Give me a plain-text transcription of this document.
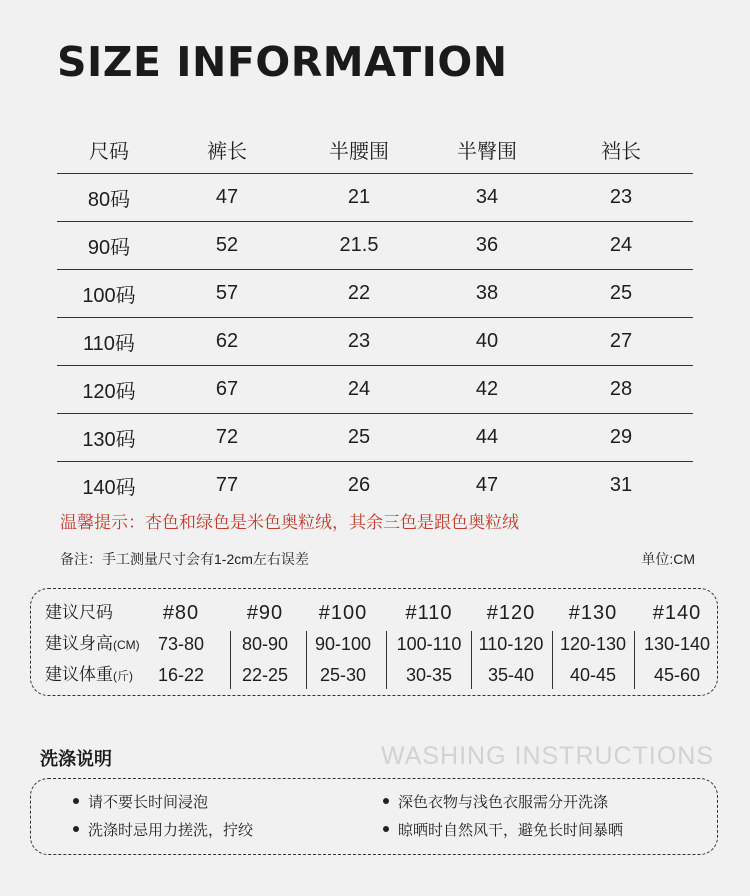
SIZE INFORMATION
尺码	裤长	半腰围	半臀围	裆长
80码	47	21	34	23
90码	52	21.5	36	24
100码	57	22	38	25
110码	62	23	40	27
120码	67	24	42	28
130码	72	25	44	29
140码	77	26	47	31
温馨提示：杏色和绿色是米色奥粒绒，其余三色是跟色奥粒绒
备注：手工测量尺寸会有1-2cm左右误差	单位:CM
建议尺码	#80	#90	#100	#110	#120	#130	#140
建议身高(CM)	73-80	80-90	90-100	100-110 110-120 120-130 130-140
建议体重(斤)	16-22	22-25	25-30	30-35	35-40	40-45	45-60
洗涤说明	WASHING INSTRUCTIONS
请不要长时间浸泡	深色衣物与浅色衣服需分开洗涤
洗涤时忌用力搓洗，拧绞	晾晒时自然风干，避免长时间暴晒
